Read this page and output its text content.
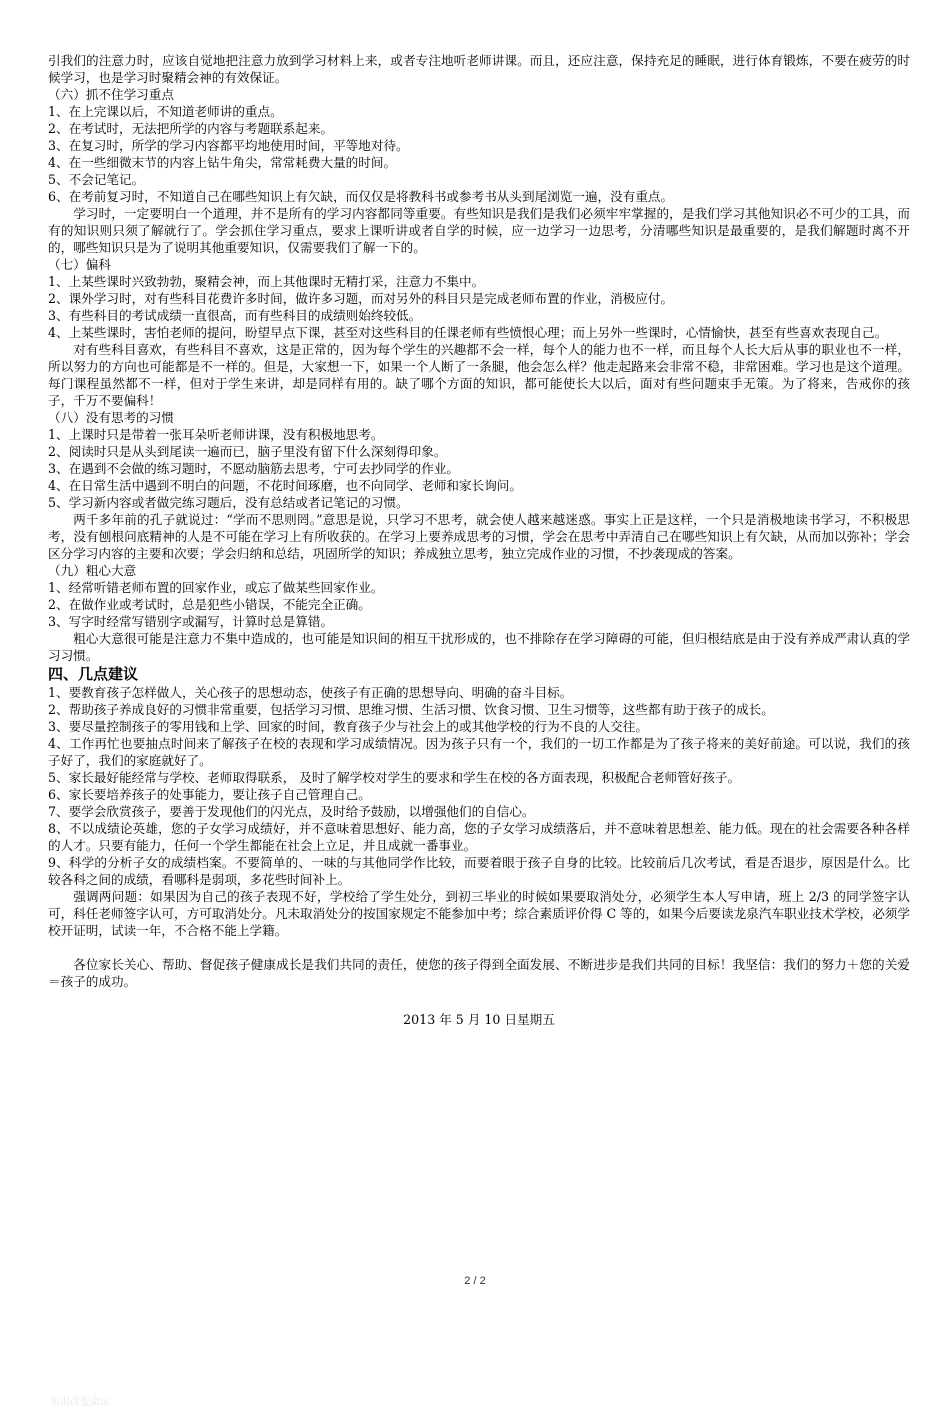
引我们的注意力时，应该自觉地把注意力放到学习材料上来，或者专注地听老师讲课。而且，还应注意，保持充足的睡眠，进行体育锻炼，不要在疲劳的时候学习，也是学习时聚精会神的有效保证。

（六）抓不住学习重点

1、在上完课以后，不知道老师讲的重点。

2、在考试时，无法把所学的内容与考题联系起来。

3、在复习时，所学的学习内容都平均地使用时间，平等地对待。

4、在一些细微末节的内容上钻牛角尖，常常耗费大量的时间。

5、不会记笔记。

6、在考前复习时，不知道自己在哪些知识上有欠缺，而仅仅是将教科书或参考书从头到尾浏览一遍，没有重点。

学习时，一定要明白一个道理，并不是所有的学习内容都同等重要。有些知识是我们是我们必须牢牢掌握的，是我们学习其他知识必不可少的工具，而有的知识则只须了解就行了。学会抓住学习重点，要求上课听讲或者自学的时候，应一边学习一边思考，分清哪些知识是最重要的，是我们解题时离不开的，哪些知识只是为了说明其他重要知识，仅需要我们了解一下的。

（七）偏科

1、上某些课时兴致勃勃，聚精会神，而上其他课时无精打采，注意力不集中。

2、课外学习时，对有些科目花费许多时间，做许多习题，而对另外的科目只是完成老师布置的作业，消极应付。

3、有些科目的考试成绩一直很高，而有些科目的成绩则始终较低。

4、上某些课时，害怕老师的提问，盼望早点下课，甚至对这些科目的任课老师有些愤恨心理；而上另外一些课时，心情愉快，甚至有些喜欢表现自己。

对有些科目喜欢，有些科目不喜欢，这是正常的，因为每个学生的兴趣都不会一样，每个人的能力也不一样，而且每个人长大后从事的职业也不一样，所以努力的方向也可能都是不一样的。但是，大家想一下，如果一个人断了一条腿，他会怎么样？他走起路来会非常不稳，非常困难。学习也是这个道理。每门课程虽然都不一样，但对于学生来讲，却是同样有用的。缺了哪个方面的知识，都可能使长大以后，面对有些问题束手无策。为了将来，告戒你的孩子，千万不要偏科！

（八）没有思考的习惯

1、上课时只是带着一张耳朵听老师讲课，没有积极地思考。

2、阅读时只是从头到尾读一遍而已，脑子里没有留下什么深刻得印象。

3、在遇到不会做的练习题时，不愿动脑筋去思考，宁可去抄同学的作业。

4、在日常生活中遇到不明白的问题，不花时间琢磨，也不向同学、老师和家长询问。

5、学习新内容或者做完练习题后，没有总结或者记笔记的习惯。

两千多年前的孔子就说过：“学而不思则罔。”意思是说，只学习不思考，就会使人越来越迷惑。事实上正是这样，一个只是消极地读书学习，不积极思考，没有刨根问底精神的人是不可能在学习上有所收获的。在学习上要养成思考的习惯，学会在思考中弄清自己在哪些知识上有欠缺，从而加以弥补；学会区分学习内容的主要和次要；学会归纳和总结，巩固所学的知识；养成独立思考，独立完成作业的习惯，不抄袭现成的答案。

（九）粗心大意

1、经常听错老师布置的回家作业，或忘了做某些回家作业。

2、在做作业或考试时，总是犯些小错误，不能完全正确。

3、写字时经常写错别字或漏写，计算时总是算错。

粗心大意很可能是注意力不集中造成的，也可能是知识间的相互干扰形成的，也不排除存在学习障碍的可能，但归根结底是由于没有养成严肃认真的学习习惯。

四、几点建议

1、要教育孩子怎样做人，关心孩子的思想动态，使孩子有正确的思想导向、明确的奋斗目标。

2、帮助孩子养成良好的习惯非常重要，包括学习习惯、思维习惯、生活习惯、饮食习惯、卫生习惯等，这些都有助于孩子的成长。

3、要尽量控制孩子的零用钱和上学、回家的时间，教育孩子少与社会上的或其他学校的行为不良的人交往。

4、工作再忙也要抽点时间来了解孩子在校的表现和学习成绩情况。因为孩子只有一个，我们的一切工作都是为了孩子将来的美好前途。可以说，我们的孩子好了，我们的家庭就好了。

5、家长最好能经常与学校、老师取得联系， 及时了解学校对学生的要求和学生在校的各方面表现，积极配合老师管好孩子。

6、家长要培养孩子的处事能力，要让孩子自己管理自己。

7、要学会欣赏孩子，要善于发现他们的闪光点，及时给予鼓励，以增强他们的自信心。

8、不以成绩论英雄，您的子女学习成绩好，并不意味着思想好、能力高，您的子女学习成绩落后，并不意味着思想差、能力低。现在的社会需要各种各样的人才。只要有能力，任何一个学生都能在社会上立足，并且成就一番事业。

9、科学的分析子女的成绩档案。不要简单的、一味的与其他同学作比较，而要着眼于孩子自身的比较。比较前后几次考试，看是否退步，原因是什么。比较各科之间的成绩，看哪科是弱项，多花些时间补上。

强调两问题：如果因为自己的孩子表现不好，学校给了学生处分，到初三毕业的时候如果要取消处分，必须学生本人写申请，班上 2/3 的同学签字认可，科任老师签字认可，方可取消处分。凡未取消处分的按国家规定不能参加中考；综合素质评价得 C 等的，如果今后要读龙泉汽车职业技术学校，必须学校开证明，试读一年，不合格不能上学籍。

各位家长关心、帮助、督促孩子健康成长是我们共同的责任，使您的孩子得到全面发展、不断进步是我们共同的目标！我坚信：我们的努力＋您的关爱＝孩子的成功。

2013 年 5 月 10 日星期五

知识改变命运
2 / 2
